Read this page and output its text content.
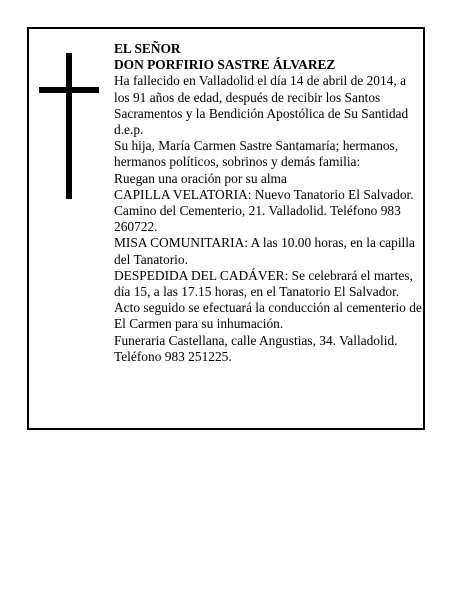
EL SEÑOR

DON PORFIRIO SASTRE ÁLVAREZ

Ha fallecido en Valladolid el día 14 de abril de 2014, a los 91 años de edad, después de recibir los Santos Sacramentos y la Bendición Apostólica de Su Santidad d.e.p.

Su hija, María Carmen Sastre Santamaría; hermanos, hermanos políticos, sobrinos y demás familia:

Ruegan una oración por su alma

CAPILLA VELATORIA: Nuevo Tanatorio El Salvador. Camino del Cementerio, 21. Valladolid. Teléfono 983 260722.

MISA COMUNITARIA: A las 10.00 horas, en la capilla del Tanatorio.

DESPEDIDA DEL CADÁVER: Se celebrará el martes, día 15, a las 17.15 horas, en el Tanatorio El Salvador. Acto seguido se efectuará la conducción al cementerio de El Carmen para su inhumación.

Funeraria Castellana, calle Angustias, 34. Valladolid. Teléfono 983 251225.
